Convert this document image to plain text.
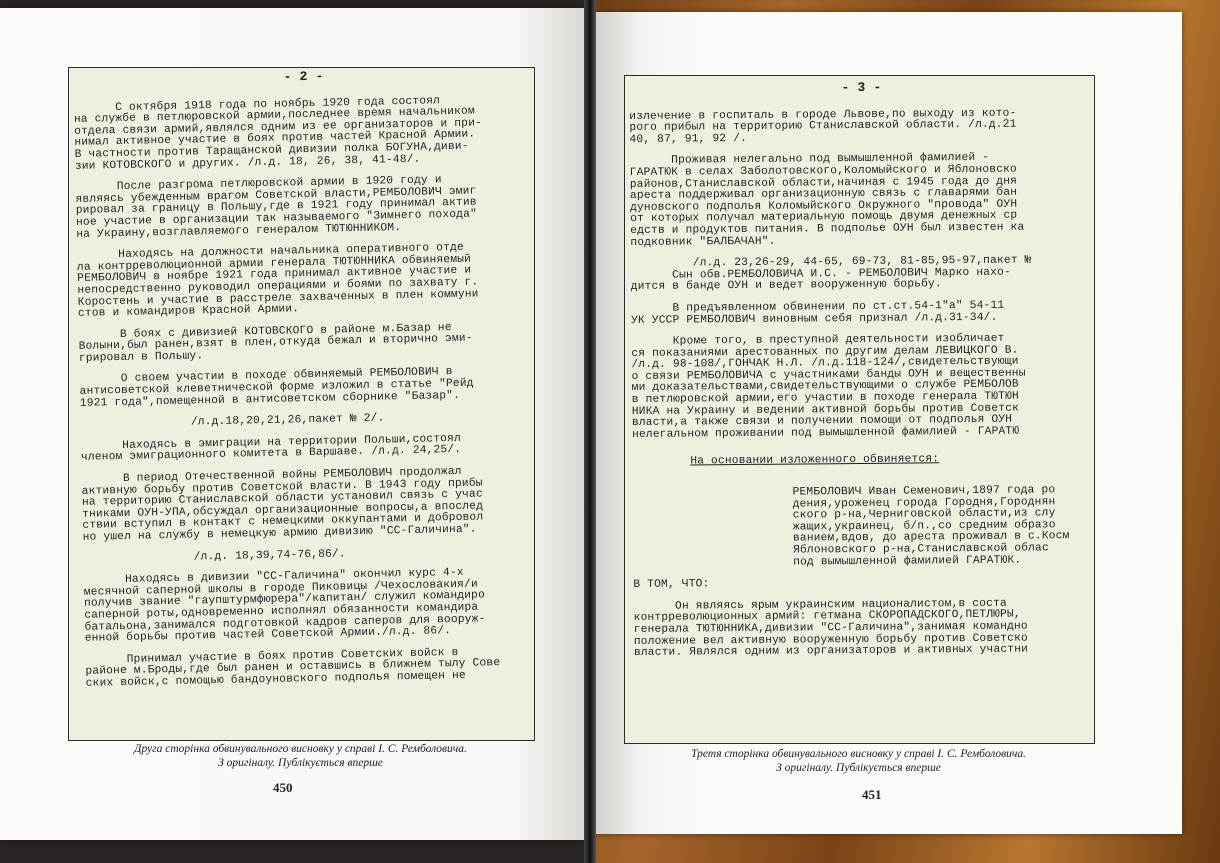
- 2 -

С октября 1918 года по ноябрь 1920 года состоял
на службе в петлюровской армии,последнее время начальником
отдела связи армий,являлся одним из ее организаторов и при-
нимал активное участие в боях против частей Красной Армии.
В частности против Таращанской дивизии полка БОГУНА,диви-
зии КОТОВСКОГО и других. /л.д. 18, 26, 38, 41-48/.

После разгрома петлюровской армии в 1920 году и
являясь убежденным врагом Советской власти,РЕМБОЛОВИЧ эмиг
рировал за границу в Польшу,где в 1921 году принимал актив
ное участие в организации так называемого "Зимнего похода"
на Украину,возглавляемого генералом ТЮТЮННИКОМ.

Находясь на должности начальника оперативного отде
ла контрреволюционной армии генерала ТЮТЮННИКА обвиняемый
РЕМБОЛОВИЧ в ноябре 1921 года принимал активное участие и
непосредственно руководил операциями и боями по захвату г.
Коростень и участие в расстреле захваченных в плен коммуни
стов и командиров Красной Армии.

В боях с дивизией КОТОВСКОГО в районе м.Базар не
Волыни,был ранен,взят в плен,откуда бежал и вторично эми-
грировал в Польшу.

О своем участии в походе обвиняемый РЕМБОЛОВИЧ в
антисоветской клеветнической форме изложил в статье "Рейд
1921 года",помещенной в антисоветском сборнике "Базар".

/л.д.18,20,21,26,пакет № 2/.

Находясь в эмиграции на территории Польши,состоял
членом эмиграционного комитета в Варшаве. /л.д. 24,25/.

В период Отечественной войны РЕМБОЛОВИЧ продолжал
активную борьбу против Советской власти. В 1943 году прибы
на территорию Станиславской области установил связь с учас
тниками ОУН-УПА,обсуждал организационные вопросы,а впослед
ствии вступил в контакт с немецкими оккупантами и добровол
но ушел на службу в немецкую армию дивизию "СС-Галичина".

/л.д. 18,39,74-76,86/.

Находясь в дивизии "СС-Галичина" окончил курс 4-х
месячной саперной школы в городе Пиковицы /Чехословакия/и
получив звание "гаупштурмфюрера"/капитан/ служил командиро
саперной роты,одновременно исполнял обязанности командира
батальона,занимался подготовкой кадров саперов для вооруж-
енной борьбы против частей Советской Армии./л.д. 86/.

Принимал участие в боях против Советских войск в
районе м.Броды,где был ранен и оставшись в ближнем тылу Сове
ских войск,с помощью бандоуновского подполья помещен не

Друга сторінка обвинувального висновку у справі І. С. Ремболовича.
З оригіналу. Публікується вперше
450
- 3 -

излечение в госпиталь в городе Львове,по выходу из кото-
рого прибыл на территорию Станиславской области. /л.д.21
40, 87, 91, 92 /.

Проживая нелегально под вымышленной фамилией -
ГАРАТЮК в селах Заболотовского,Коломыйского и Яблоновско
районов,Станиславской области,начиная с 1945 года до дня
ареста поддерживал организационную связь с главарями бан
дуновского подполья Коломыйского Окружного "провода" ОУН
от которых получал материальную помощь двумя денежных ср
едств и продуктов питания. В подполье ОУН был известен ка
подковник "БАЛБАЧАН".

/л.д. 23,26-29, 44-65, 69-73, 81-85,95-97,пакет №
Сын обв.РЕМБОЛОВИЧА И.С. - РЕМБОЛОВИЧ Марко нахо-
дится в банде ОУН и ведет вооруженную борьбу.

В предъявленном обвинении по ст.ст.54-1"а" 54-11
УК УССР РЕМБОЛОВИЧ виновным себя признал /л.д.31-34/.

Кроме того, в преступной деятельности изобличает
ся показаниями арестованных по другим делам ЛЕВИЦКОГО В.
/л.д. 98-108/,ГОНЧАК Н.Л. /л.д.118-124/,свидетельствующи
о связи РЕМБОЛОВИЧА с участниками банды ОУН и вещественны
ми доказательствами,свидетельствующими о службе РЕМБОЛОВ
в петлюровской армии,его участии в походе генерала ТЮТЮН
НИКА на Украину и ведении активной борьбы против Советск
власти,а также связи и получении помощи от подполья ОУН
нелегальном проживании под вымышленной фамилией - ГАРАТЮ

На основании изложенного обвиняется:

РЕМБОЛОВИЧ Иван Семенович,1897 года ро
дения,уроженец города Городня,Городнян
ского р-на,Черниговской области,из слу
жащих,украинец, б/п.,со средним образо
ванием,вдов, до ареста проживал в с.Косм
Яблоновского р-на,Станиславской облас
под вымышленной фамилией ГАРАТЮК.

В ТОМ, ЧТО:

Он являясь ярым украинским националистом,в соста
контрреволюционных армий: гетмана СКОРОПАДСКОГО,ПЕТЛЮРЫ,
генерала ТЮТЮННИКА,дивизии "СС-Галичина",занимая командно
положение вел активную вооруженную борьбу против Советско
власти. Являлся одним из организаторов и активных участни

Третя сторінка обвинувального висновку у справі І. С. Ремболовича.
З оригіналу. Публікується вперше
451
